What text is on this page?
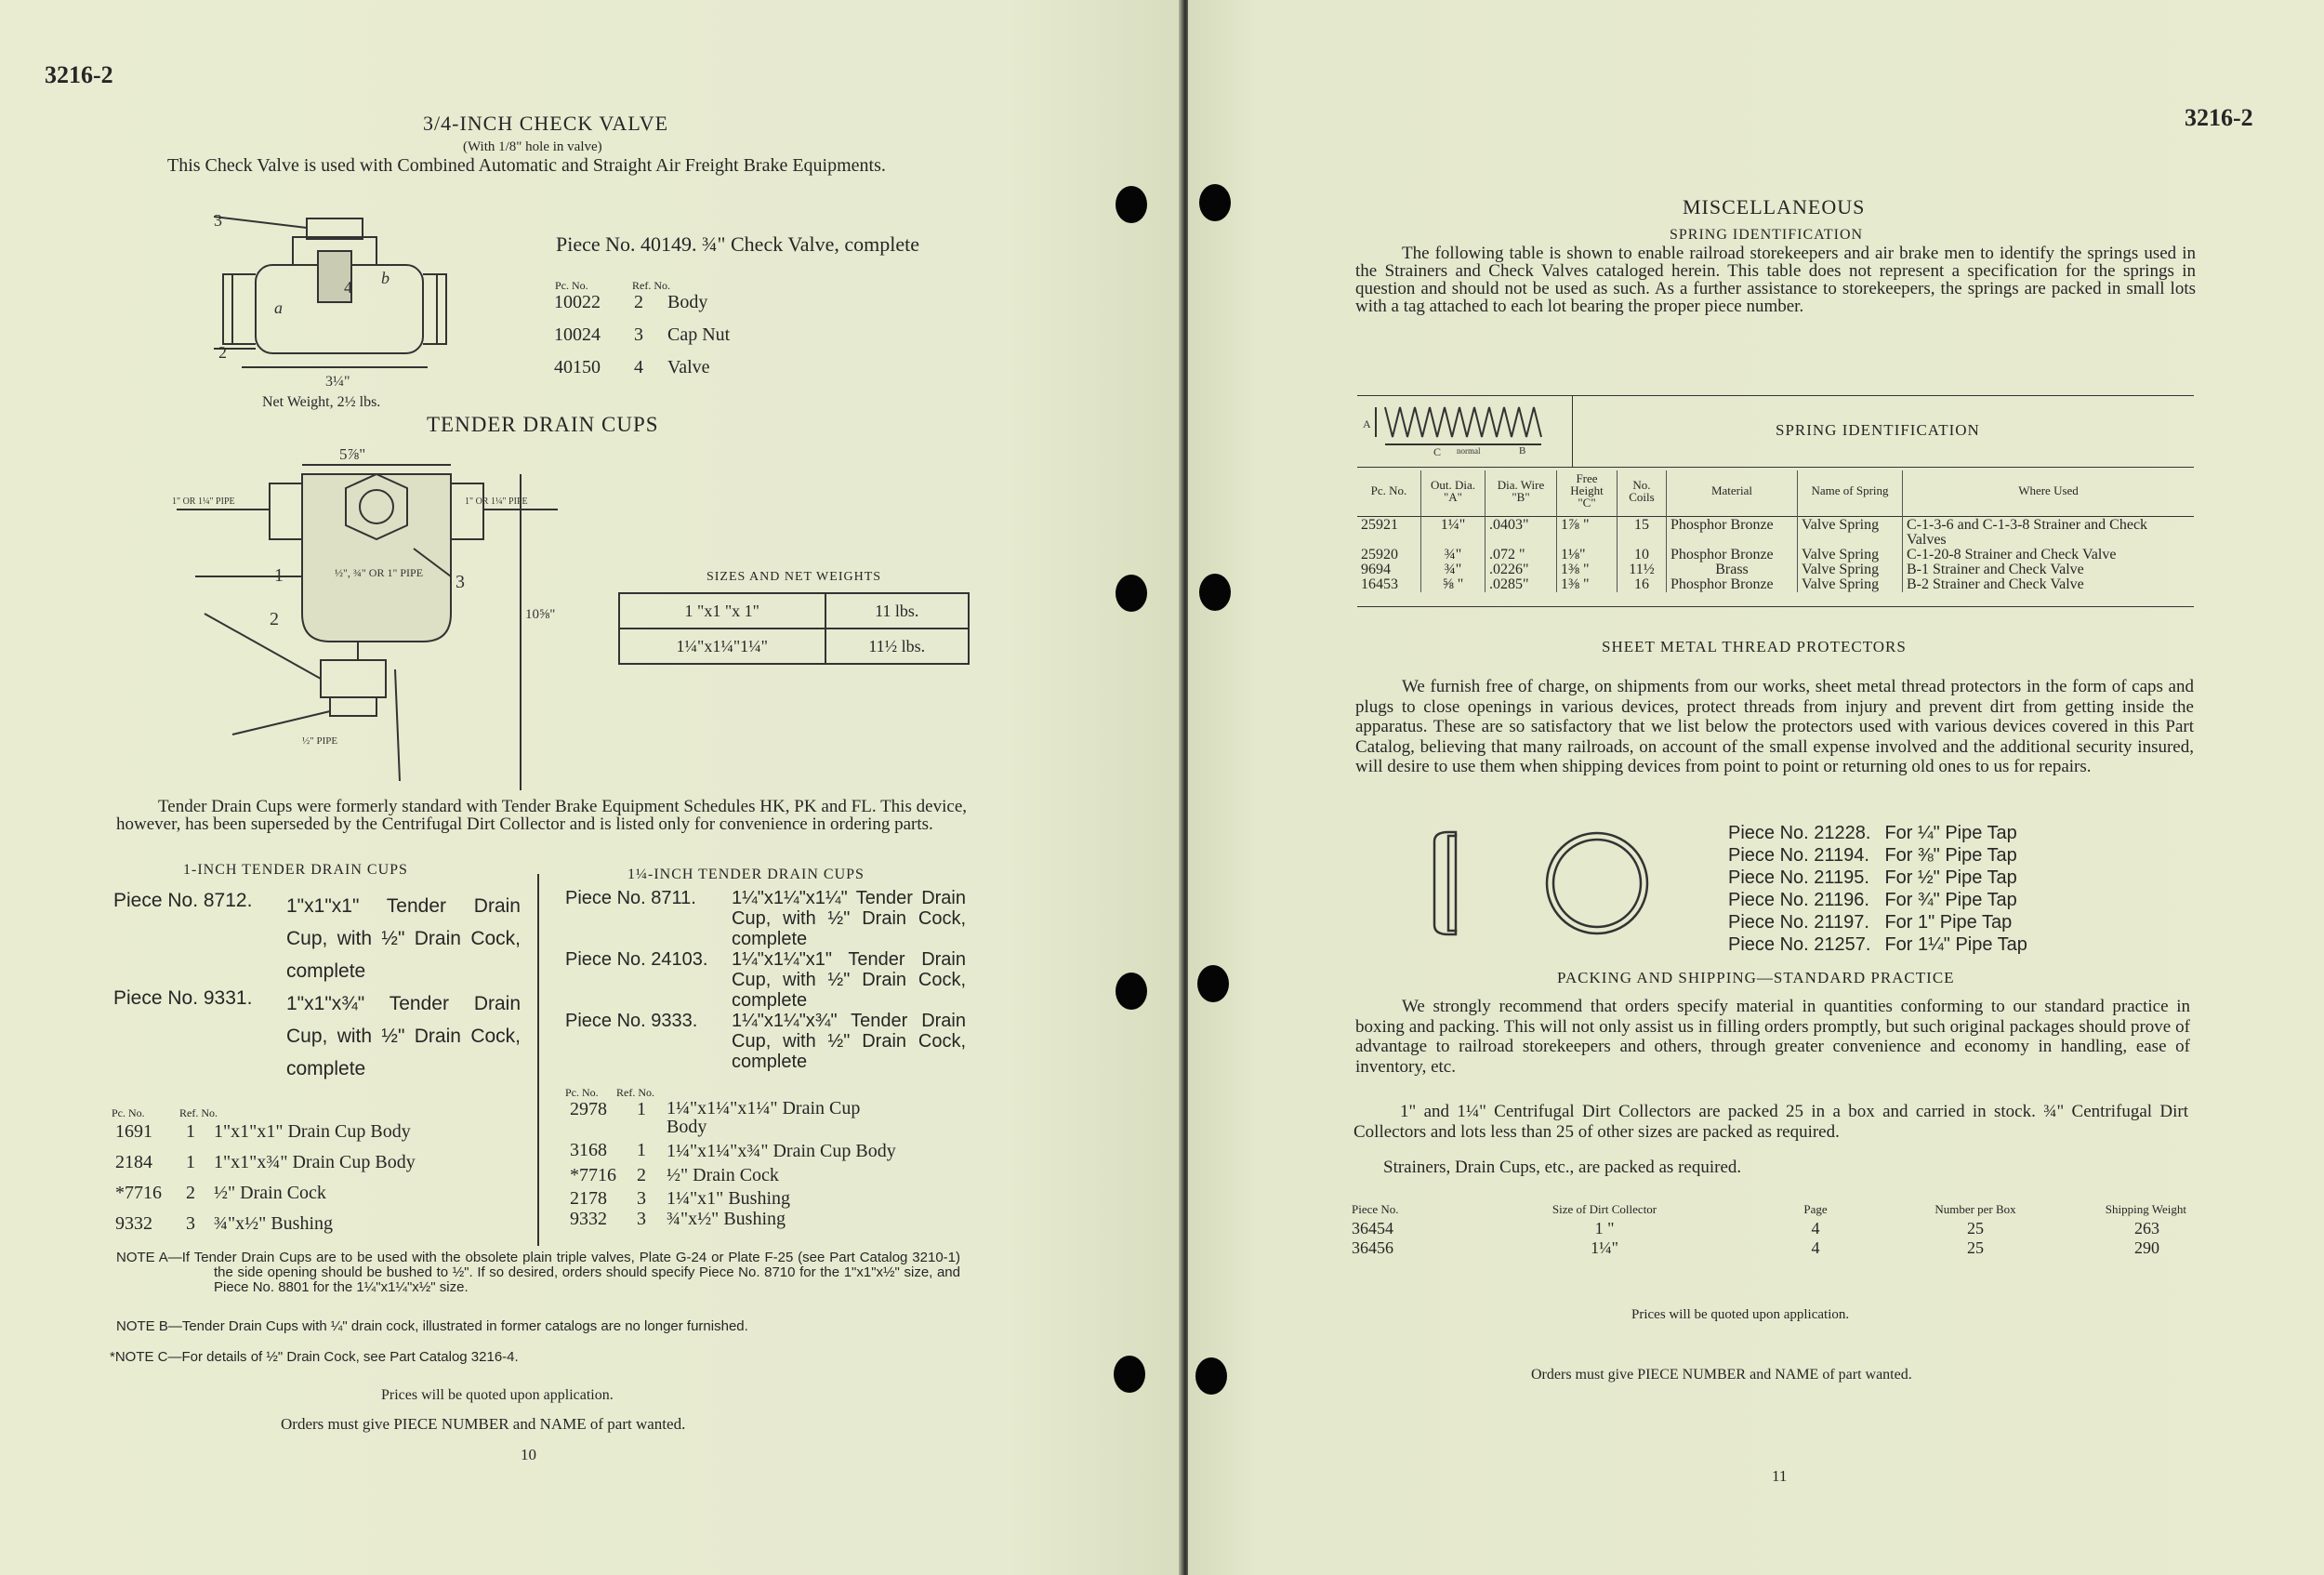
3216-2
3/4-INCH CHECK VALVE
(With 1/8" hole in valve)
This Check Valve is used with Combined Automatic and Straight Air Freight Brake Equipments.
3
2
4
a
b
3¼"
Net Weight, 2½ lbs.
Piece No. 40149. ¾" Check Valve, complete
Pc. No.	Ref. No.
10022	2	Body
10024	3	Cap Nut
40150	4	Valve
TENDER DRAIN CUPS
5⅞"
1" OR 1¼" PIPE	1" OR 1¼" PIPE
½", ¾" OR 1" PIPE
10⅝"
½" PIPE
1
2
3	SIZES AND NET WEIGHTS	
1 "x1 "x 1"	11 lbs.
1¼"x1¼"1¼"	11½ lbs.
Tender Drain Cups were formerly standard with Tender Brake Equipment Schedules HK, PK and FL. This device, however, has been superseded by the Centrifugal Dirt Collector and is listed only for convenience in ordering parts.
1-INCH TENDER DRAIN CUPS
Piece No. 8712. 1"x1"x1" Tender Drain Cup, with ½" Drain Cock, complete
Piece No. 9331. 1"x1"x¾" Tender Drain Cup, with ½" Drain Cock, complete
Pc. No.	Ref. No.
1691	1	1"x1"x1" Drain Cup Body
2184	1	1"x1"x¾" Drain Cup Body
*7716	2	½" Drain Cock
9332	3	¾"x½" Bushing
1¼-INCH TENDER DRAIN CUPS
Piece No. 8711. 1¼"x1¼"x1¼" Tender Drain Cup, with ½" Drain Cock, complete
Piece No. 24103. 1¼"x1¼"x1" Tender Drain Cup, with ½" Drain Cock, complete
Piece No. 9333. 1¼"x1¼"x¾" Tender Drain Cup, with ½" Drain Cock, complete
Pc. No. Ref. No.
2978	1	1¼"x1¼"x1¼" Drain Cup Body
3168	1	1¼"x1¼"x¾" Drain Cup Body
*7716	2	½" Drain Cock
2178	3	1¼"x1" Bushing
9332	3	¾"x½" Bushing
NOTE A—If Tender Drain Cups are to be used with the obsolete plain triple valves, Plate G-24 or Plate F-25 (see Part Catalog 3210-1) the side opening should be bushed to ½". If so desired, orders should specify Piece No. 8710 for the 1"x1"x½" size, and Piece No. 8801 for the 1¼"x1¼"x½" size.
NOTE B—Tender Drain Cups with ¼" drain cock, illustrated in former catalogs are no longer furnished.
*NOTE C—For details of ½" Drain Cock, see Part Catalog 3216-4.
Prices will be quoted upon application.
Orders must give PIECE NUMBER and NAME of part wanted.
10
3216-2
MISCELLANEOUS
SPRING IDENTIFICATION
The following table is shown to enable railroad storekeepers and air brake men to identify the springs used in the Strainers and Check Valves cataloged herein. This table does not represent a specification for the springs in question and should not be used as such. As a further assistance to storekeepers, the springs are packed in small lots with a tag attached to each lot bearing the proper piece number.
A
C normal	B
SPRING IDENTIFICATION
Pc. No.	Out. Dia. "A"	Dia. Wire "B"	Free Height "C"	No. Coils	Material	Name of Spring	Where Used

25921	1¼"	.0403"	1⅞ "	15	Phosphor Bronze	Valve Spring	C-1-3-6 and C-1-3-8 Strainer and Check Valves
25920	¾"	.072 "	1⅛"	10	Phosphor Bronze	Valve Spring	C-1-20-8 Strainer and Check Valve
9694	¾"	.0226"	1⅜ "	11½	Brass	Valve Spring	B-1 Strainer and Check Valve
16453	⅝ "	.0285"	1⅜ "	16	Phosphor Bronze	Valve Spring	B-2 Strainer and Check Valve
SHEET METAL THREAD PROTECTORS
We furnish free of charge, on shipments from our works, sheet metal thread protectors in the form of caps and plugs to close openings in various devices, protect threads from injury and prevent dirt from getting inside the apparatus. These are so satisfactory that we list below the protectors used with various devices covered in this Part Catalog, believing that many railroads, on account of the small expense involved and the additional security insured, will desire to use them when shipping devices from point to point or returning old ones to us for repairs.
Piece No. 21228.	For ¼" Pipe Tap
Piece No. 21194.	For ⅜" Pipe Tap
Piece No. 21195.	For ½" Pipe Tap
Piece No. 21196.	For ¾" Pipe Tap
Piece No. 21197.	For 1" Pipe Tap
Piece No. 21257.	For 1¼" Pipe Tap
PACKING AND SHIPPING—STANDARD PRACTICE
We strongly recommend that orders specify material in quantities conforming to our standard practice in boxing and packing. This will not only assist us in filling orders promptly, but such original packages should prove of advantage to railroad storekeepers and others, through greater convenience and economy in handling, ease of inventory, etc.
1" and 1¼" Centrifugal Dirt Collectors are packed 25 in a box and carried in stock. ¾" Centrifugal Dirt Collectors and lots less than 25 of other sizes are packed as required.
Strainers, Drain Cups, etc., are packed as required.
Piece No.	Size of Dirt Collector	Page	Number per Box	Shipping Weight
36454	1 "	4	25	263
36456	1¼"	4	25	290
Prices will be quoted upon application.
Orders must give PIECE NUMBER and NAME of part wanted.
11
